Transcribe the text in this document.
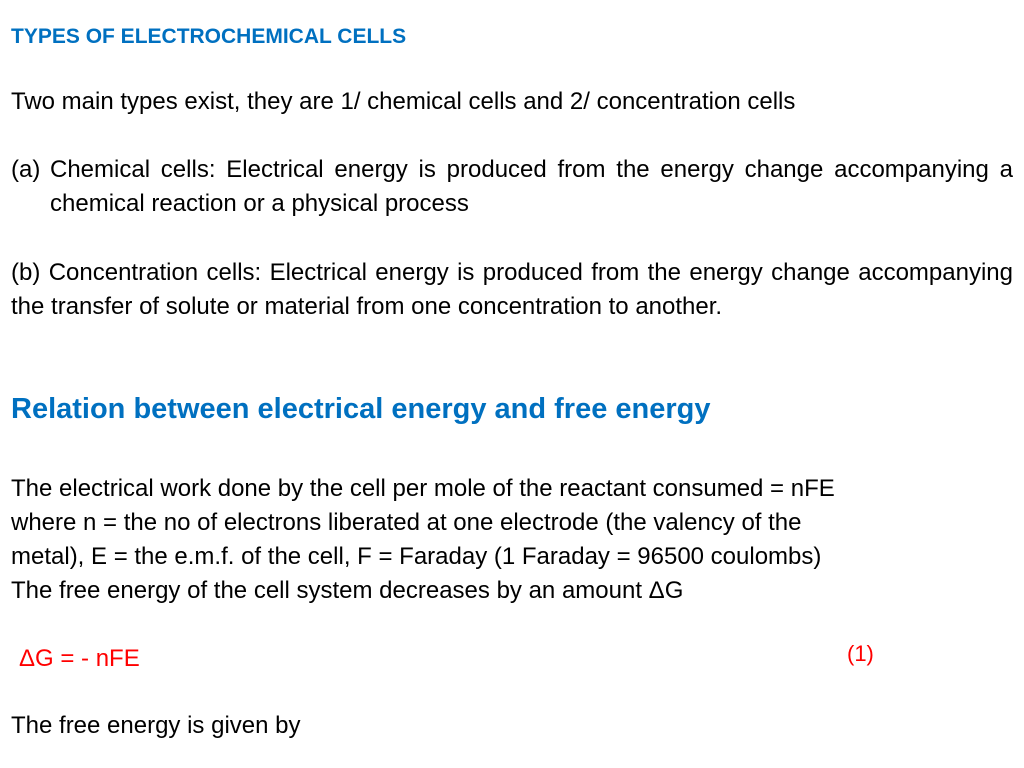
TYPES OF ELECTROCHEMICAL CELLS

Two main types exist, they are 1/ chemical cells and 2/ concentration cells

(a) Chemical cells: Electrical energy is produced from the energy change accompanying a chemical reaction or a physical process

(b) Concentration cells: Electrical energy is produced from the energy change accompanying the transfer of solute or material from one concentration to another.

Relation between electrical energy and free energy
The electrical work done by the cell per mole of the reactant consumed = nFE
where n = the no of electrons liberated at one electrode (the valency of the
metal), E = the e.m.f. of the cell, F = Faraday (1 Faraday = 96500 coulombs)
The free energy of the cell system decreases by an amount ΔG
ΔG = - nFE	(1)

The free energy is given by
